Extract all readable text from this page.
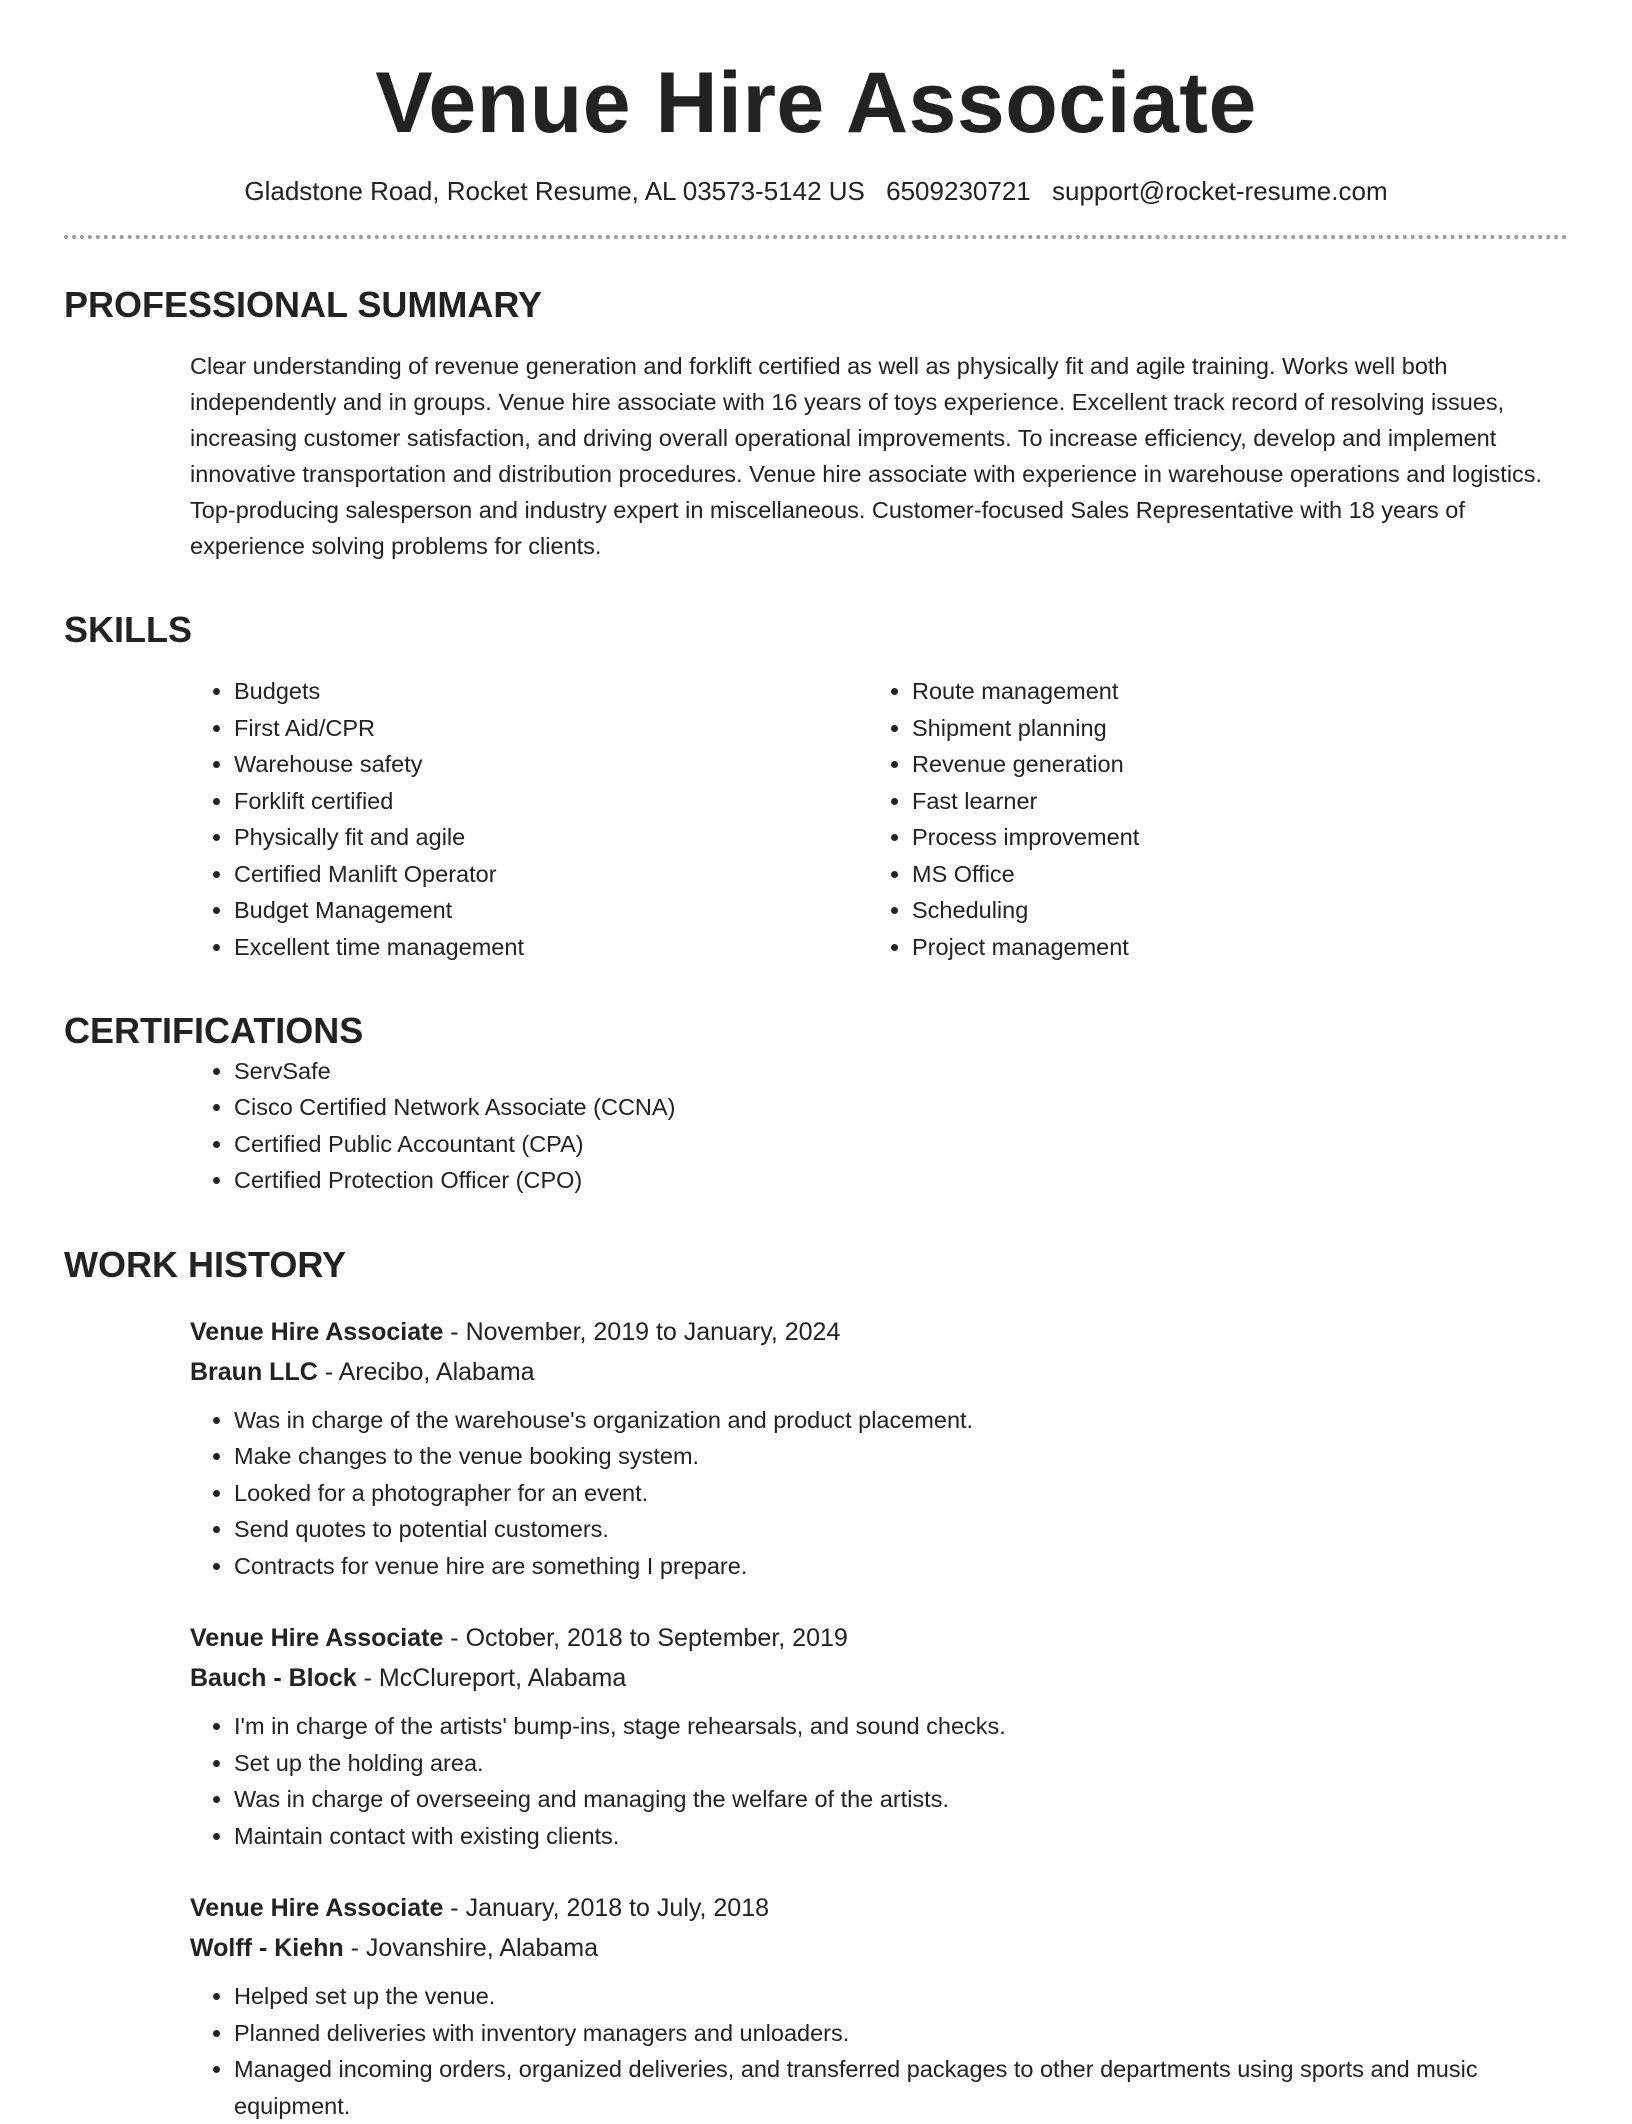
Venue Hire Associate
Gladstone Road, Rocket Resume, AL 03573-5142 US 6509230721 support@rocket-resume.com
PROFESSIONAL SUMMARY
Clear understanding of revenue generation and forklift certified as well as physically fit and agile training. Works well both independently and in groups. Venue hire associate with 16 years of toys experience. Excellent track record of resolving issues, increasing customer satisfaction, and driving overall operational improvements. To increase efficiency, develop and implement innovative transportation and distribution procedures. Venue hire associate with experience in warehouse operations and logistics. Top-producing salesperson and industry expert in miscellaneous. Customer-focused Sales Representative with 18 years of experience solving problems for clients.
SKILLS
• Budgets
• First Aid/CPR
• Warehouse safety
• Forklift certified
• Physically fit and agile
• Certified Manlift Operator
• Budget Management
• Excellent time management
• Route management
• Shipment planning
• Revenue generation
• Fast learner
• Process improvement
• MS Office
• Scheduling
• Project management
CERTIFICATIONS
• ServSafe
• Cisco Certified Network Associate (CCNA)
• Certified Public Accountant (CPA)
• Certified Protection Officer (CPO)
WORK HISTORY
Venue Hire Associate - November, 2019 to January, 2024
Braun LLC - Arecibo, Alabama
• Was in charge of the warehouse's organization and product placement.
• Make changes to the venue booking system.
• Looked for a photographer for an event.
• Send quotes to potential customers.
• Contracts for venue hire are something I prepare.
Venue Hire Associate - October, 2018 to September, 2019
Bauch - Block - McClureport, Alabama
• I'm in charge of the artists' bump-ins, stage rehearsals, and sound checks.
• Set up the holding area.
• Was in charge of overseeing and managing the welfare of the artists.
• Maintain contact with existing clients.
Venue Hire Associate - January, 2018 to July, 2018
Wolff - Kiehn - Jovanshire, Alabama
• Helped set up the venue.
• Planned deliveries with inventory managers and unloaders.
• Managed incoming orders, organized deliveries, and transferred packages to other departments using sports and music equipment.
